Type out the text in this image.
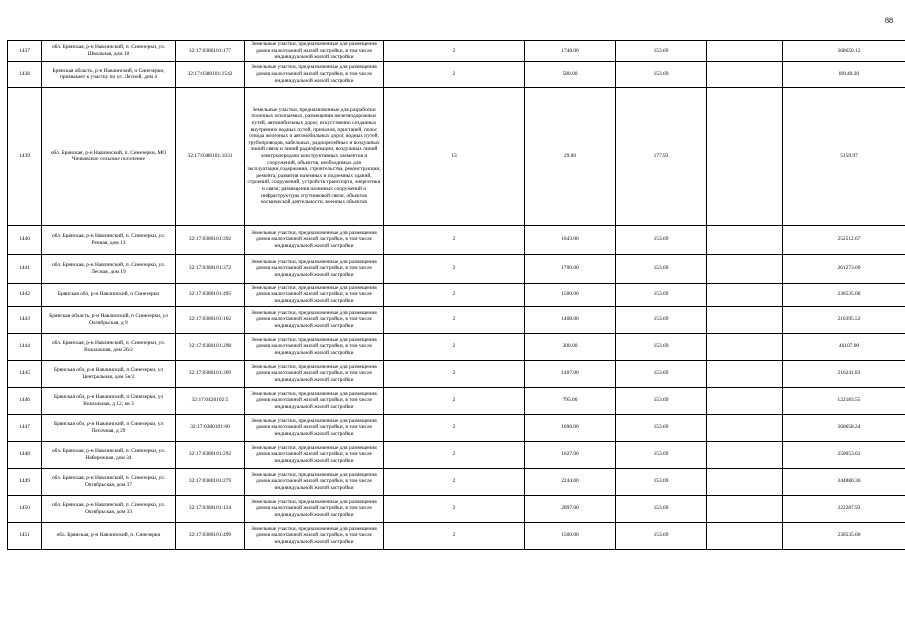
88
1437	обл. Брянская, р-н Навлинский, п. Синезерки, ул. Школьная, дом 18	32:17:0380101:177	Земельные участки, предназначенные для размещения домов малоэтажной жилой застройки, в том числе индивидуальной жилой застройки	2	1748.00	153.69		268650.12
1438	Брянская область, р-н Навлинский, п Синезерки, примыкает к участку по ул. Лесной, дом 4	32:17:0380101:1542	Земельные участки, предназначенные для размещения домов малоэтажной жилой застройки, в том числе индивидуальной жилой застройки	2	580.00	153.69		89140.20
1439	обл. Брянская, р-н Навлинский, п. Синезерки, МО Чичковское сельское поселение	32:17:0380101:1031	Земельные участки, предназначенные для разработки полезных ископаемых, размещения железнодорожных путей, автомобильных дорог, искусственно созданных внутренних водных путей, причалов, пристаней, полос отвода железных и автомобильных дорог, водных путей, трубопроводов, кабельных, радиорелейных и воздушных линий связи и линий радиофикации, воздушных линий электропередачи конструктивных элементов и сооружений, объектов, необходимых для эксплуатации,содержания, строительства, реконструкции, ремонта, развития наземных и подземных зданий, строений, сооружений, устройств транспорта, энергетики и связи; размещения наземных сооружений и инфраструктуры спутниковой связи, объектов космической деятельности, военных объектов	13	29.00	177.93		5159.97
1440	обл. Брянская, р-н Навлинский, п. Синезерки, ул. Речная, дом 13	32:17:0380101:392	Земельные участки, предназначенные для размещения домов малоэтажной жилой застройки, в том числе индивидуальной жилой застройки	2	1643.00	153.69		252512.67
1441	обл. Брянская, р-н Навлинский, п. Синезерки, ул. Лесная, дом 19	32:17:0380101:372	Земельные участки, предназначенные для размещения домов малоэтажной жилой застройки, в том числе индивидуальной жилой застройки	2	1700.00	153.69		261273.00
1442	Брянская обл, р-н Навлинский, п Синезерки	32:17:0380101:495	Земельные участки, предназначенные для размещения домов малоэтажной жилой застройки, в том числе индивидуальной жилой застройки	2	1500.00	153.69		230535.00
1443	Брянская область, р-н Навлинский, п Синезерки, ул Октябрьская, д 9	32:17:0380101:102	Земельные участки, предназначенные для размещения домов малоэтажной жилой застройки, в том числе индивидуальной жилой застройки	2	1408.00	153.69		216395.52
1444	обл. Брянская, р-н Навлинский, п. Синезерки, ул. Вокзальная, дом 26/2	32:17:0380101:298	Земельные участки, предназначенные для размещения домов малоэтажной жилой застройки, в том числе индивидуальной жилой застройки	2	300.00	153.69		46107.00
1445	Брянская обл, р-н Навлинский, п Синезерки, ул Центральная, дом 5н/2	32:17:0380101:309	Земельные участки, предназначенные для размещения домов малоэтажной жилой застройки, в том числе индивидуальной жилой застройки	2	1407.00	153.69		216241.83
1446	Брянская обл, р-н Навлинский, п Синезерки, ул Вокзальная, д 12, кв 3	32:17:0420102:5	Земельные участки, предназначенные для размещения домов малоэтажной жилой застройки, в том числе индивидуальной жилой застройки	2	795.00	153.69		122183.55
1447	Брянская обл, р-н Навлинский, п Синезерки, ул Песочная, д 29	32:17:0380101:60	Земельные участки, предназначенные для размещения домов малоэтажной жилой застройки, в том числе индивидуальной жилой застройки	2	1696.00	153.69		260658.24
1448	обл. Брянская, р-н Навлинский, п. Синезерки, ул. Набережная, дом 34	32:17:0380101:292	Земельные участки, предназначенные для размещения домов малоэтажной жилой застройки, в том числе индивидуальной жилой застройки	2	1627.00	153.69		250053.63
1449	обл. Брянская, р-н Навлинский, п. Синезерки, ул. Октябрьская, дом 37	32:17:0380101:279	Земельные участки, предназначенные для размещения домов малоэтажной жилой застройки, в том числе индивидуальной жилой застройки	2	2244.00	153.69		344880.36
1450	обл. Брянская, р-н Навлинский, п. Синезерки, ул. Октябрьская, дом 33	32:17:0380101:134	Земельные участки, предназначенные для размещения домов малоэтажной жилой застройки, в том числе индивидуальной жилой застройки	2	2097.00	153.69		322287.93
1451	обл. Брянская, р-н Навлинский, п. Синезерки	32:17:0380101:499	Земельные участки, предназначенные для размещения домов малоэтажной жилой застройки, в том числе индивидуальной жилой застройки	2	1500.00	153.69		230535.00
